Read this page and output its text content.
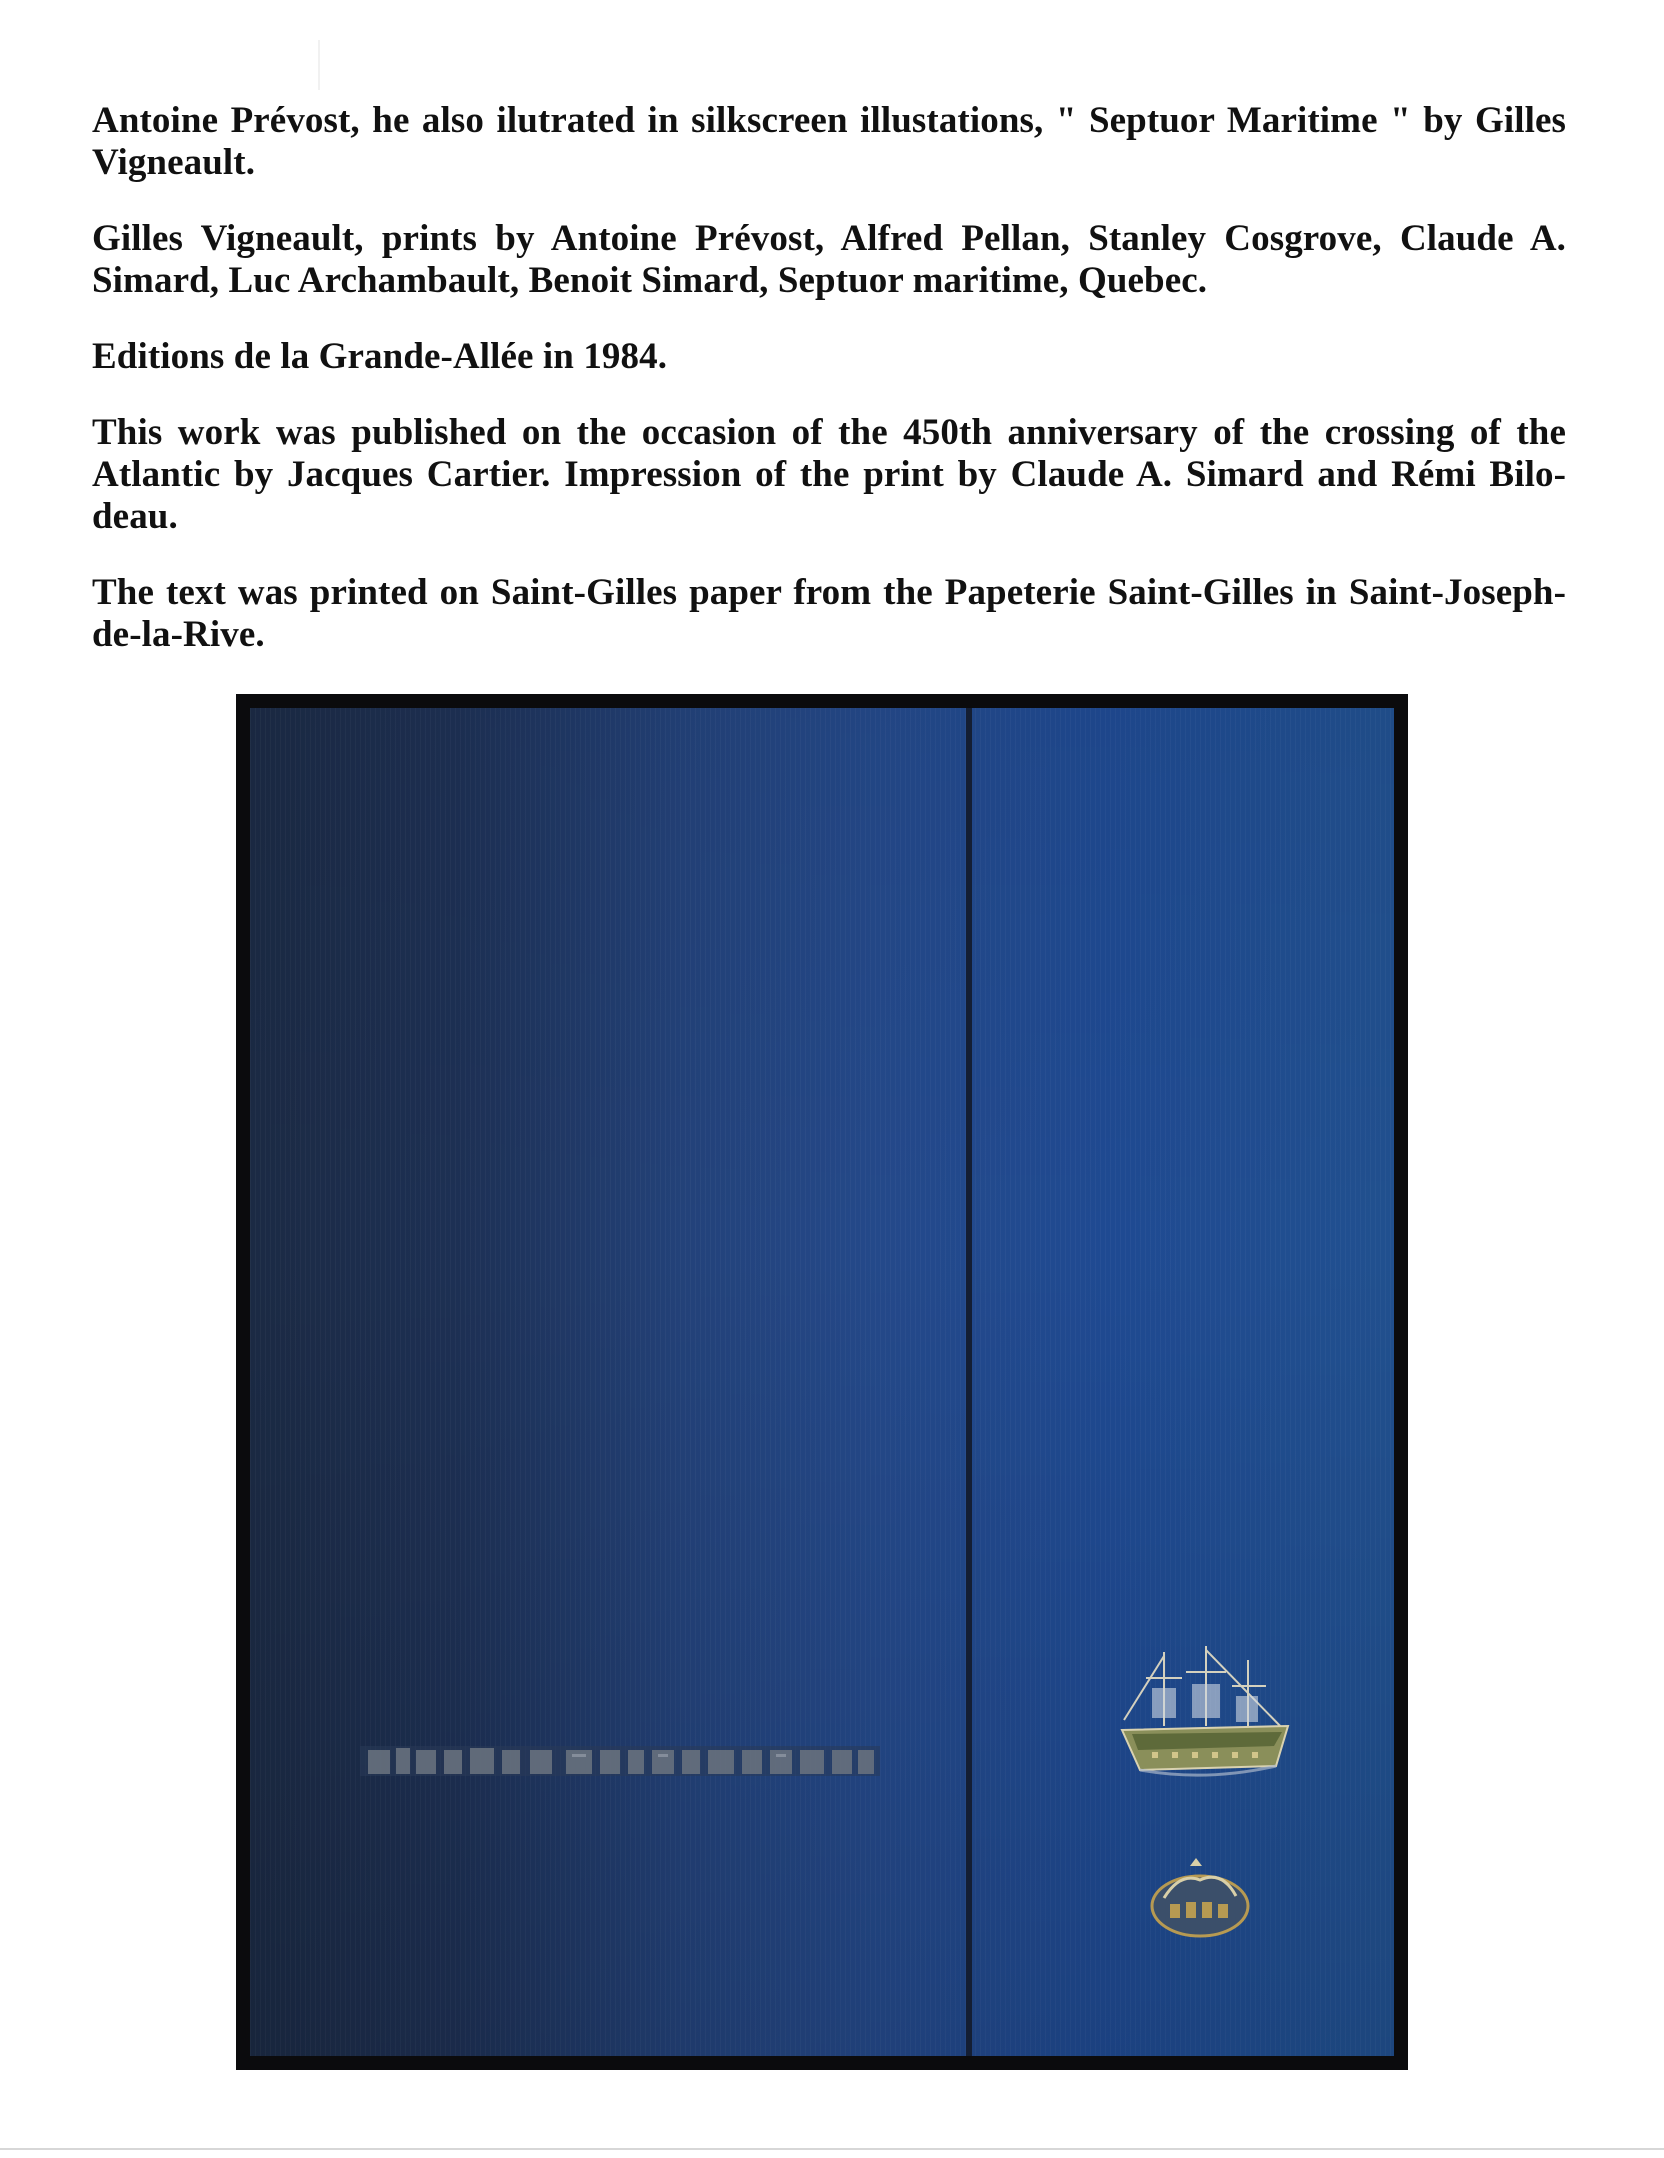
Antoine Prévost, he also ilutrated in silkscreen illustations, " Septuor Maritime " by Gilles Vigneault.

Gilles Vigneault, prints by Antoine Prévost, Alfred Pellan, Stanley Cosgrove, Claude A. Simard, Luc Archambault, Benoit Simard, Septuor maritime, Quebec.

Editions de la Grande-Allée in 1984.

This work was published on the occasion of the 450th anniversary of the crossing of the Atlantic by Jacques Cartier. Impression of the print by Claude A. Simard and Rémi Bilo-deau.

The text was printed on Saint-Gilles paper from the Papeterie Saint-Gilles in Saint-Joseph-de-la-Rive.
